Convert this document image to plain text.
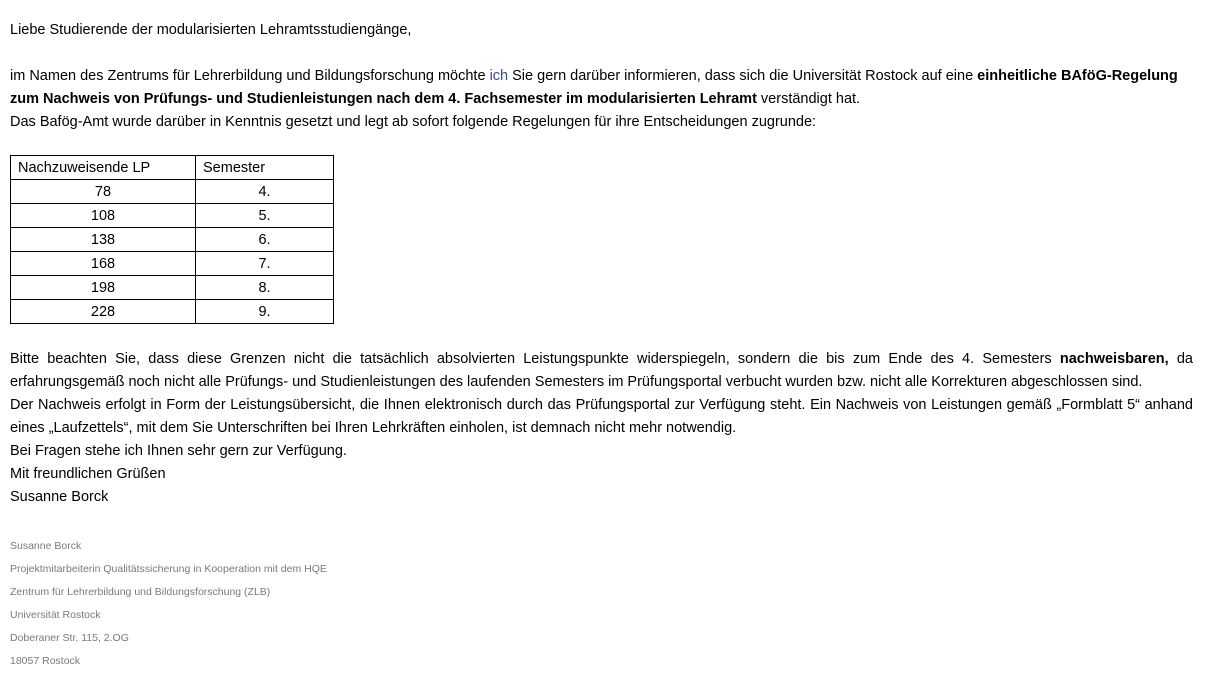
Liebe Studierende der modularisierten Lehramtsstudiengänge,

im Namen des Zentrums für Lehrerbildung und Bildungsforschung möchte ich Sie gern darüber informieren, dass sich die Universität Rostock auf eine einheitliche BAföG-Regelung zum Nachweis von Prüfungs- und Studienleistungen nach dem 4. Fachsemester im modularisierten Lehramt verständigt hat.

Das Bafög-Amt wurde darüber in Kenntnis gesetzt und legt ab sofort folgende Regelungen für ihre Entscheidungen zugrunde:

Nachzuweisende LP	Semester
78	4.
108	5.
138	6.
168	7.
198	8.
228	9.

Bitte beachten Sie, dass diese Grenzen nicht die tatsächlich absolvierten Leistungspunkte widerspiegeln, sondern die bis zum Ende des 4. Semesters nachweisbaren, da erfahrungsgemäß noch nicht alle Prüfungs- und Studienleistungen des laufenden Semesters im Prüfungsportal verbucht wurden bzw. nicht alle Korrekturen abgeschlossen sind.

Der Nachweis erfolgt in Form der Leistungsübersicht, die Ihnen elektronisch durch das Prüfungsportal zur Verfügung steht. Ein Nachweis von Leistungen gemäß „Formblatt 5“ anhand eines „Laufzettels“, mit dem Sie Unterschriften bei Ihren Lehrkräften einholen, ist demnach nicht mehr notwendig.

Bei Fragen stehe ich Ihnen sehr gern zur Verfügung.

Mit freundlichen Grüßen

Susanne Borck

Susanne Borck

Projektmitarbeiterin Qualitätssicherung in Kooperation mit dem HQE

Zentrum für Lehrerbildung und Bildungsforschung (ZLB)

Universität Rostock

Doberaner Str. 115, 2.OG

18057 Rostock
